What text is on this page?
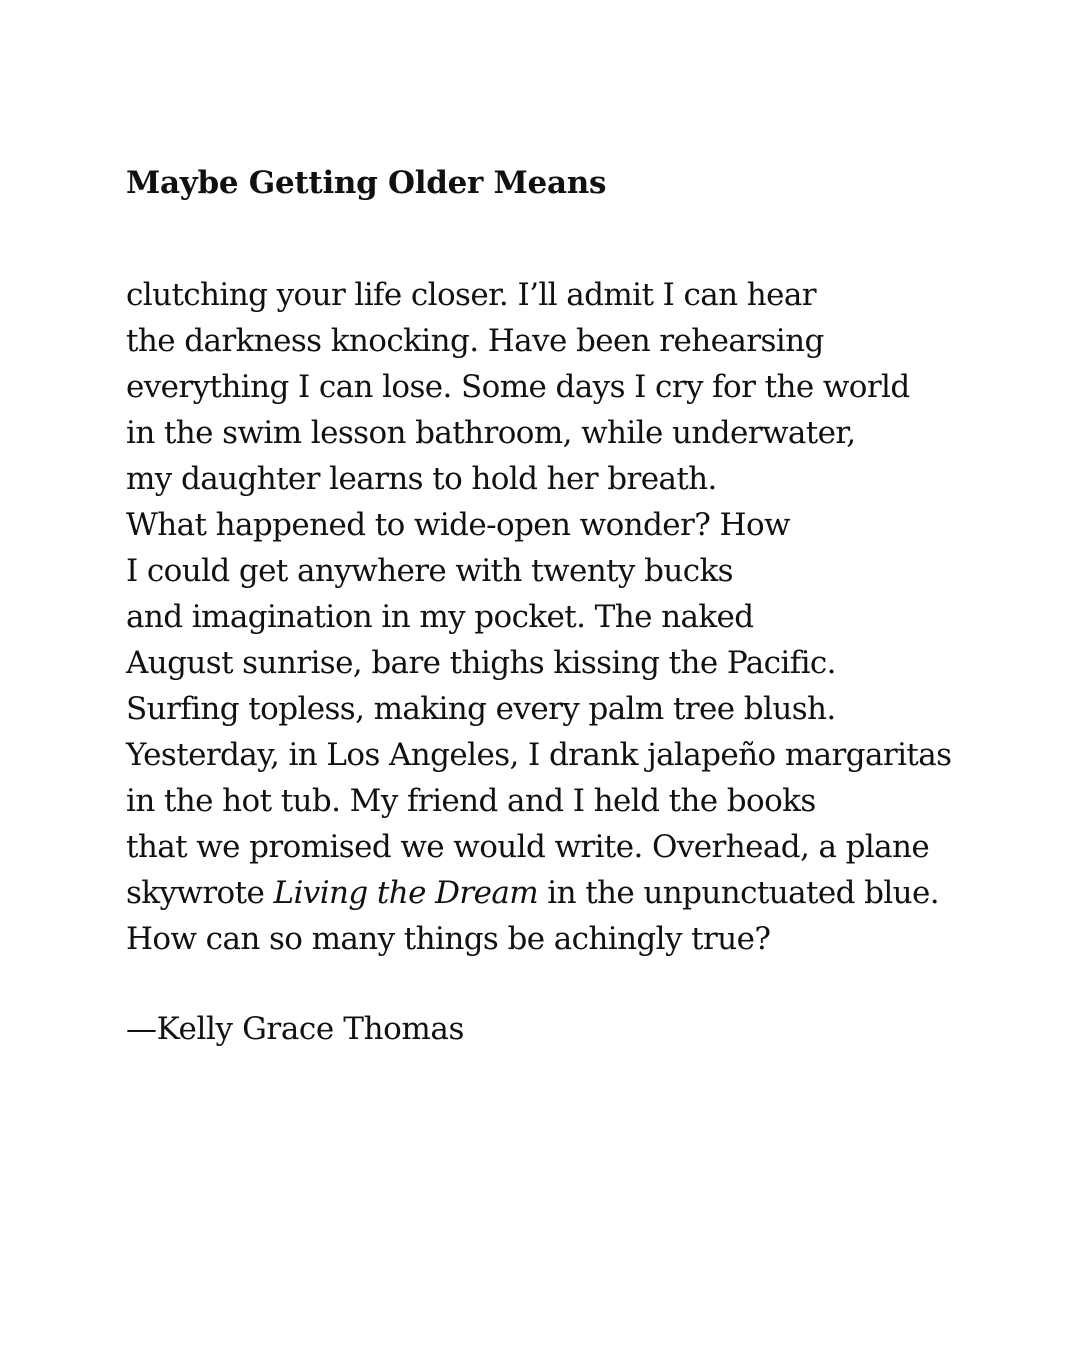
Maybe Getting Older Means
clutching your life closer. I’ll admit I can hear
the darkness knocking. Have been rehearsing
everything I can lose. Some days I cry for the world
in the swim lesson bathroom, while underwater,
my daughter learns to hold her breath.
What happened to wide-open wonder? How
I could get anywhere with twenty bucks
and imagination in my pocket. The naked
August sunrise, bare thighs kissing the Pacific.
Surfing topless, making every palm tree blush.
Yesterday, in Los Angeles, I drank jalapeño margaritas
in the hot tub. My friend and I held the books
that we promised we would write. Overhead, a plane
skywrote Living the Dream in the unpunctuated blue.
How can so many things be achingly true?
—Kelly Grace Thomas
